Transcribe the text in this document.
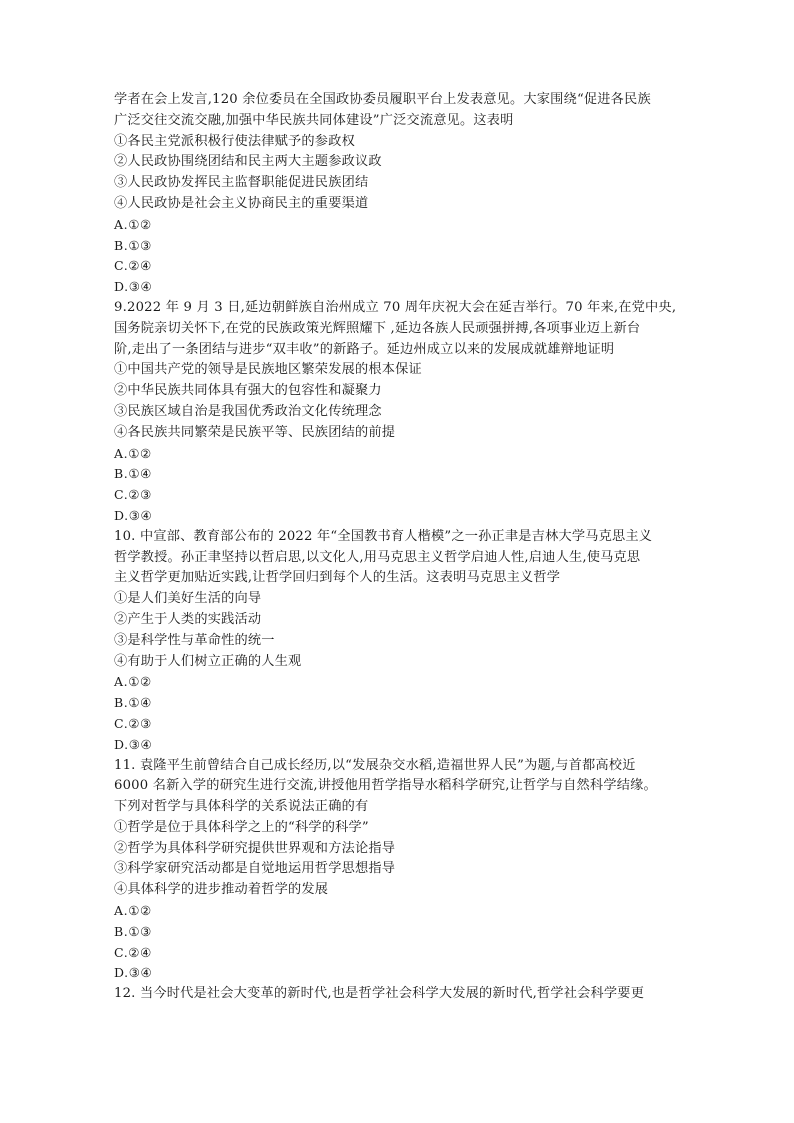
学者在会上发言,120 余位委员在全国政协委员履职平台上发表意见。大家围绕“促进各民族
广泛交往交流交融,加强中华民族共同体建设”广泛交流意见。这表明
①各民主党派积极行使法律赋予的参政权
②人民政协围绕团结和民主两大主题参政议政
③人民政协发挥民主监督职能促进民族团结
④人民政协是社会主义协商民主的重要渠道
A.①②
B.①③
C.②④
D.③④
9.2022 年 9 月 3 日,延边朝鲜族自治州成立 70 周年庆祝大会在延吉举行。70 年来,在党中央,
国务院亲切关怀下,在党的民族政策光辉照耀下 ,延边各族人民顽强拼搏,各项事业迈上新台
阶,走出了一条团结与进步“双丰收”的新路子。延边州成立以来的发展成就雄辩地证明
①中国共产党的领导是民族地区繁荣发展的根本保证
②中华民族共同体具有强大的包容性和凝聚力
③民族区域自治是我国优秀政治文化传统理念
④各民族共同繁荣是民族平等、民族团结的前提
A.①②
B.①④
C.②③
D.③④
10. 中宣部、教育部公布的 2022 年“全国教书育人楷模”之一孙正聿是吉林大学马克思主义
哲学教授。孙正聿坚持以哲启思,以文化人,用马克思主义哲学启迪人性,启迪人生,使马克思
主义哲学更加贴近实践,让哲学回归到每个人的生活。这表明马克思主义哲学
①是人们美好生活的向导
②产生于人类的实践活动
③是科学性与革命性的统一
④有助于人们树立正确的人生观
A.①②
B.①④
C.②③
D.③④
11. 袁隆平生前曾结合自己成长经历,以“发展杂交水稻,造福世界人民”为题,与首都高校近
6000 名新入学的研究生进行交流,讲授他用哲学指导水稻科学研究,让哲学与自然科学结缘。
下列对哲学与具体科学的关系说法正确的有
①哲学是位于具体科学之上的“科学的科学”
②哲学为具体科学研究提供世界观和方法论指导
③科学家研究活动都是自觉地运用哲学思想指导
④具体科学的进步推动着哲学的发展
A.①②
B.①③
C.②④
D.③④
12. 当今时代是社会大变革的新时代,也是哲学社会科学大发展的新时代,哲学社会科学要更
